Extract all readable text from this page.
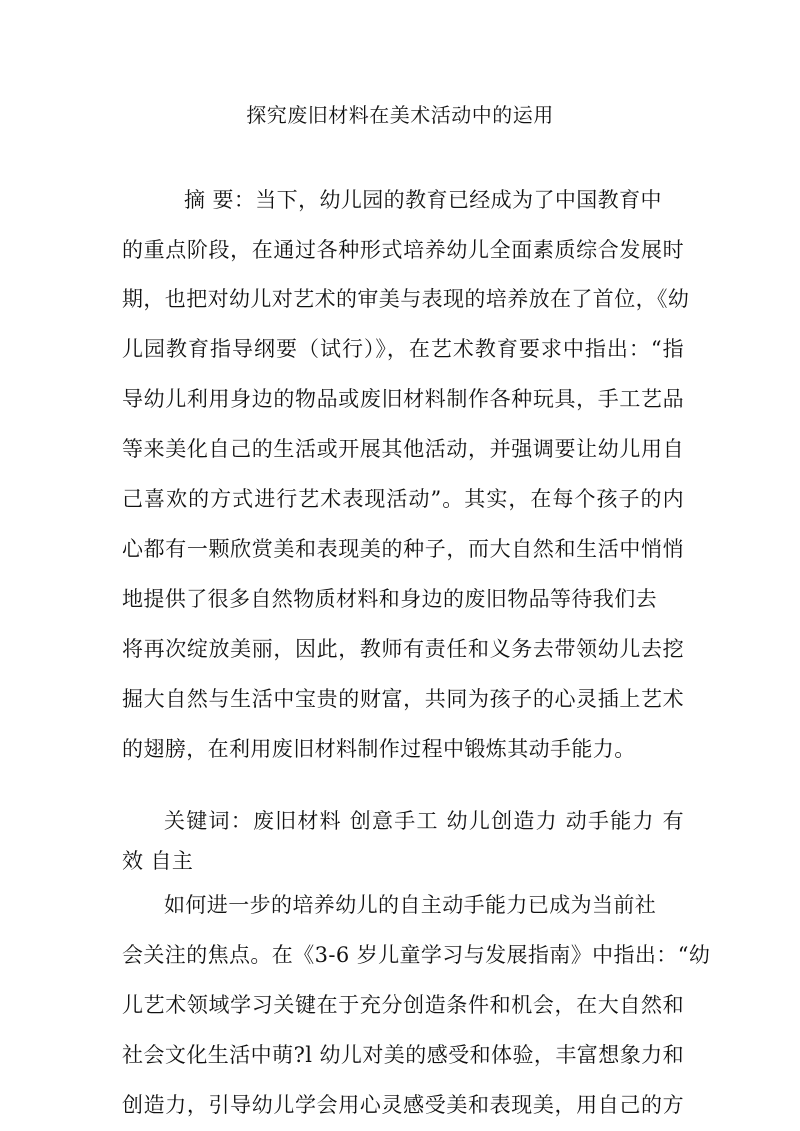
探究废旧材料在美术活动中的运用
摘 要：当下，幼儿园的教育已经成为了中国教育中
的重点阶段，在通过各种形式培养幼儿全面素质综合发展时
期，也把对幼儿对艺术的审美与表现的培养放在了首位，《幼
儿园教育指导纲要（试行）》，在艺术教育要求中指出：“指
导幼儿利用身边的物品或废旧材料制作各种玩具，手工艺品
等来美化自己的生活或开展其他活动，并强调要让幼儿用自
己喜欢的方式进行艺术表现活动”。其实，在每个孩子的内
心都有一颗欣赏美和表现美的种子，而大自然和生活中悄悄
地提供了很多自然物质材料和身边的废旧物品等待我们去
将再次绽放美丽，因此，教师有责任和义务去带领幼儿去挖
掘大自然与生活中宝贵的财富，共同为孩子的心灵插上艺术
的翅膀，在利用废旧材料制作过程中锻炼其动手能力。
关键词：废旧材料 创意手工 幼儿创造力 动手能力 有
效 自主
如何进一步的培养幼儿的自主动手能力已成为当前社
会关注的焦点。在《3-6 岁儿童学习与发展指南》中指出：“幼
儿艺术领域学习关键在于充分创造条件和机会，在大自然和
社会文化生活中萌?l 幼儿对美的感受和体验，丰富想象力和
创造力，引导幼儿学会用心灵感受美和表现美，用自己的方
